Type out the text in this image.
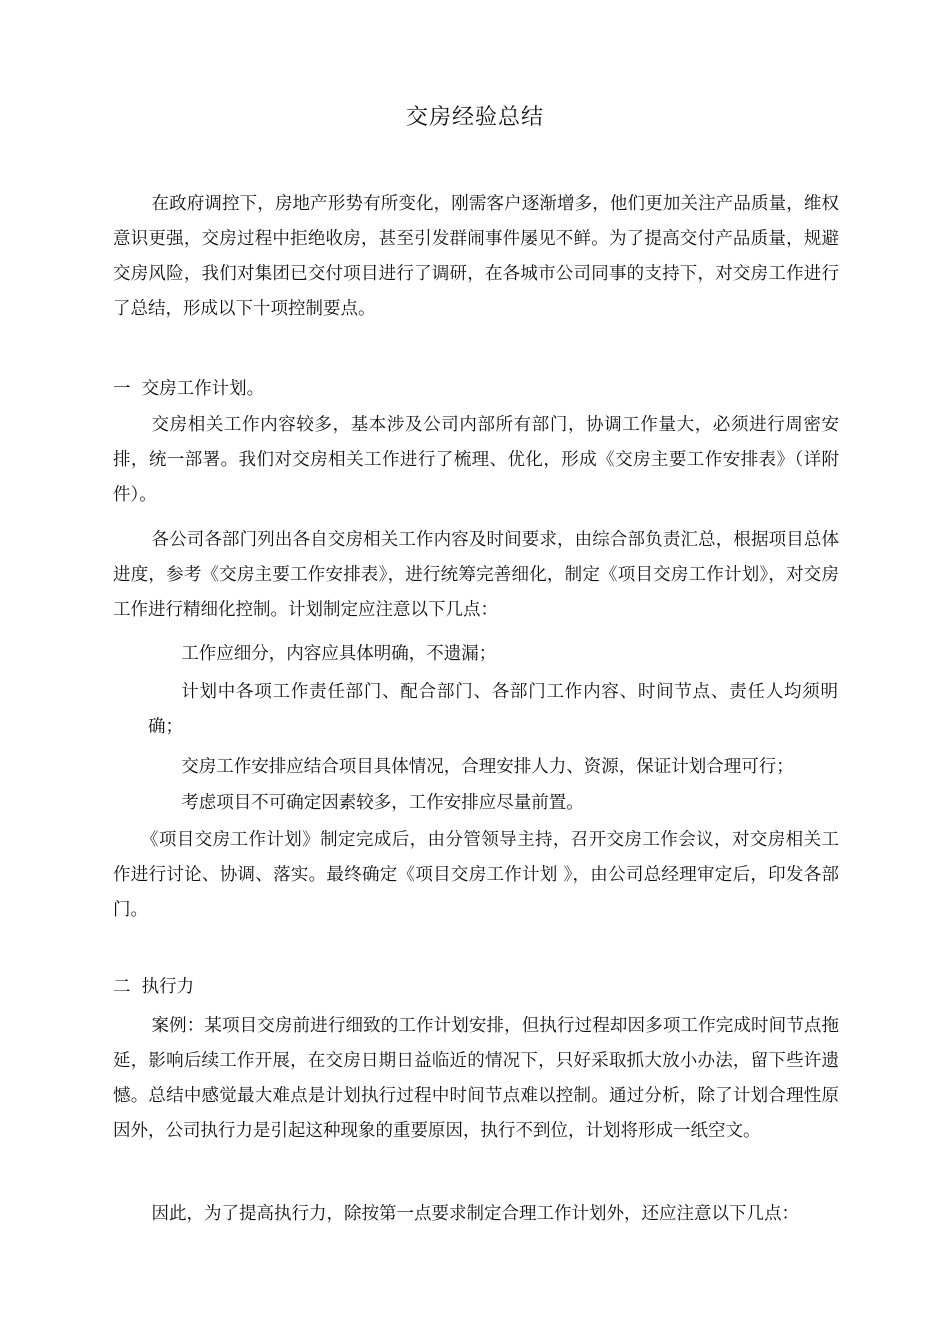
交房经验总结
在政府调控下，房地产形势有所变化，刚需客户逐渐增多，他们更加关注产品质量，维权意识更强，交房过程中拒绝收房，甚至引发群闹事件屡见不鲜。为了提高交付产品质量，规避交房风险，我们对集团已交付项目进行了调研，在各城市公司同事的支持下，对交房工作进行了总结，形成以下十项控制要点。
一  交房工作计划。
交房相关工作内容较多，基本涉及公司内部所有部门，协调工作量大，必须进行周密安排，统一部署。我们对交房相关工作进行了梳理、优化，形成《交房主要工作安排表》（详附件）。
各公司各部门列出各自交房相关工作内容及时间要求，由综合部负责汇总，根据项目总体进度，参考《交房主要工作安排表》，进行统筹完善细化，制定《项目交房工作计划》，对交房工作进行精细化控制。计划制定应注意以下几点：
工作应细分，内容应具体明确，不遗漏；
计划中各项工作责任部门、配合部门、各部门工作内容、时间节点、责任人均须明确；
交房工作安排应结合项目具体情况，合理安排人力、资源，保证计划合理可行；
考虑项目不可确定因素较多，工作安排应尽量前置。
《项目交房工作计划》制定完成后，由分管领导主持，召开交房工作会议，对交房相关工作进行讨论、协调、落实。最终确定《项目交房工作计划 》，由公司总经理审定后，印发各部门。
二  执行力
案例：某项目交房前进行细致的工作计划安排，但执行过程却因多项工作完成时间节点拖延，影响后续工作开展，在交房日期日益临近的情况下，只好采取抓大放小办法，留下些许遗憾。总结中感觉最大难点是计划执行过程中时间节点难以控制。通过分析，除了计划合理性原因外，公司执行力是引起这种现象的重要原因，执行不到位，计划将形成一纸空文。
因此，为了提高执行力，除按第一点要求制定合理工作计划外，还应注意以下几点：
